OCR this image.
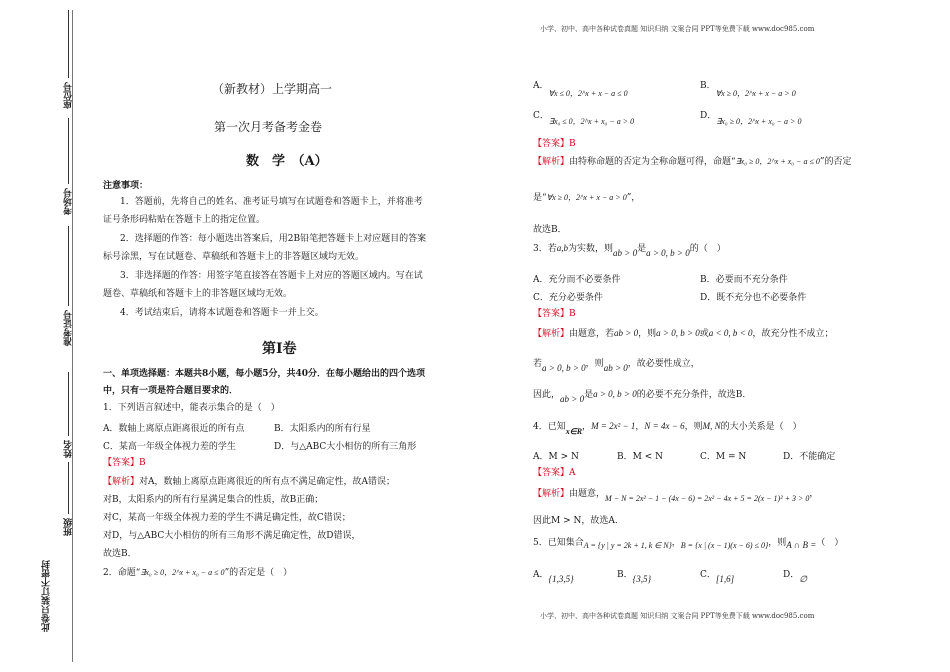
小学、初中、高中各种试卷真题 知识归纳 文案合同 PPT等免费下载 www.doc985.com
小学、初中、高中各种试卷真题 知识归纳 文案合同 PPT等免费下载 www.doc985.com
座位号
考场号
准考证号
姓名
班级
此卷只装订不密封
（新教材）上学期高一
第一次月考备考金卷
数　学　（A）
注意事项：
1．答题前，先将自己的姓名、准考证号填写在试题卷和答题卡上，并将准考
证号条形码粘贴在答题卡上的指定位置。
2．选择题的作答：每小题选出答案后，用2B铅笔把答题卡上对应题目的答案
标号涂黑，写在试题卷、草稿纸和答题卡上的非答题区域均无效。
3．非选择题的作答：用签字笔直接答在答题卡上对应的答题区域内。写在试
题卷、草稿纸和答题卡上的非答题区域均无效。
4．考试结束后，请将本试题卷和答题卡一并上交。
第Ⅰ卷
一、单项选择题：本题共8小题，每小题5分，共40分．在每小题给出的四个选项
中，只有一项是符合题目要求的．
1．下列语言叙述中，能表示集合的是（　）
A．数轴上离原点距离很近的所有点	B．太阳系内的所有行星
C．某高一年级全体视力差的学生	D．与△ABC大小相仿的所有三角形
【答案】B
【解析】对A，数轴上离原点距离很近的所有点不满足确定性，故A错误；
对B，太阳系内的所有行星满足集合的性质，故B正确；
对C，某高一年级全体视力差的学生不满足确定性，故C错误；
对D，与△ABC大小相仿的所有三角形不满足确定性，故D错误，
故选B．
2．命题“∃x₀ ≥ 0，2^x + x₀ − a ≤ 0”的否定是（　）
A．∀x ≤ 0，2^x + x − a ≤ 0
B．∀x ≥ 0，2^x + x − a > 0
C．∃x₀ ≤ 0，2^x + x₀ − a > 0
D．∃x₀ ≥ 0，2^x + x₀ − a > 0
【答案】B
【解析】由特称命题的否定为全称命题可得，命题“∃x₀ ≥ 0，2^x + x₀ − a ≤ 0”的否定
是“∀x ≥ 0，2^x + x − a > 0”，
故选B．
3．若a,b为实数，则ab > 0是a > 0, b > 0的（　）
A．充分而不必要条件	B．必要而不充分条件
C．充分必要条件	D．既不充分也不必要条件
【答案】B
【解析】由题意，若ab > 0，则a > 0, b > 0或a < 0, b < 0，故充分性不成立；
若a > 0, b > 0，则ab > 0，故必要性成立，
因此，ab > 0是a > 0, b > 0的必要不充分条件，故选B．
4．已知x∈R，M = 2x² − 1，N = 4x − 6，则M, N的大小关系是（　）
A．M > N	B．M < N	C．M = N	D．不能确定
【答案】A
【解析】由题意，M − N = 2x² − 1 − (4x − 6) = 2x² − 4x + 5 = 2(x − 1)² + 3 > 0，
因此M > N，故选A．
5．已知集合A = {y | y = 2k + 1, k ∈ N}，B = {x | (x − 1)(x − 6) ≤ 0}，则A ∩ B =（　）
A．{1,3,5}	B．{3,5}	C．[1,6]	D．∅
